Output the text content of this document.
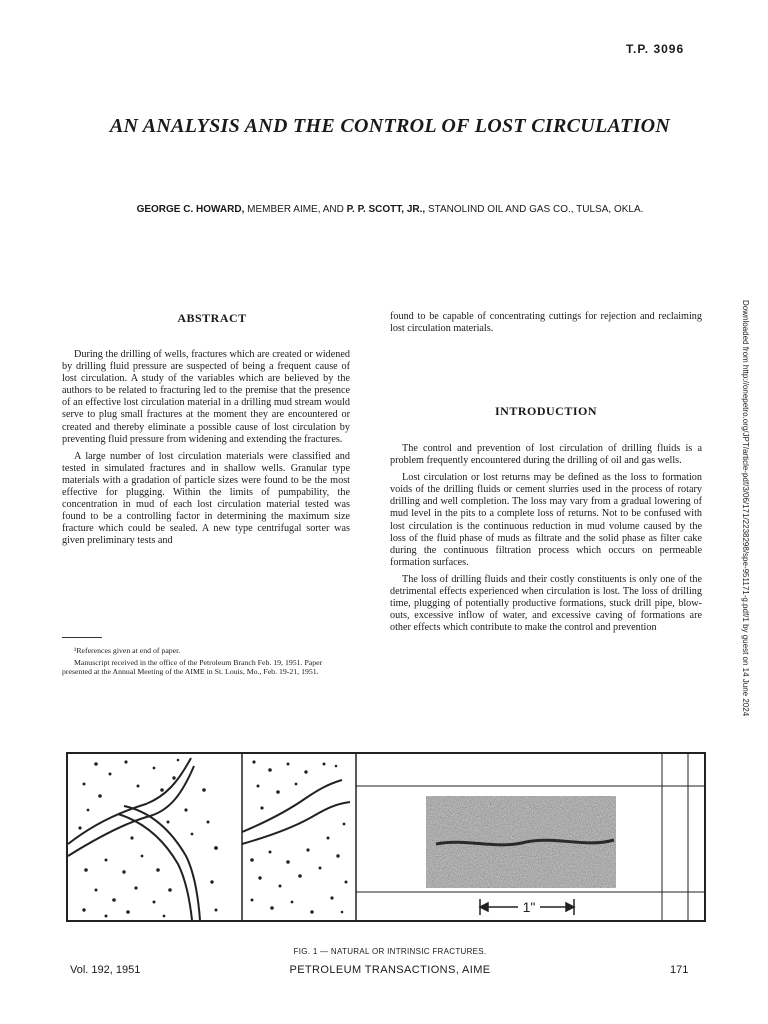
T.P. 3096
AN ANALYSIS AND THE CONTROL OF LOST CIRCULATION
GEORGE C. HOWARD, MEMBER AIME, AND P. P. SCOTT, JR., STANOLIND OIL AND GAS CO., TULSA, OKLA.
ABSTRACT

During the drilling of wells, fractures which are created or widened by drilling fluid pressure are suspected of being a frequent cause of lost circulation. A study of the variables which are believed by the authors to be related to fracturing led to the premise that the presence of an effective lost circulation material in a drilling mud stream would serve to plug small fractures at the moment they are encountered or created and thereby eliminate a possible cause of lost circulation by preventing fluid pressure from widening and extending the fractures.

A large number of lost circulation materials were classified and tested in simulated fractures and in shallow wells. Granular type materials with a gradation of particle sizes were found to be the most effective for plugging. Within the limits of pumpability, the concentration in mud of each lost circulation material tested was found to be a controlling factor in determining the maximum size fracture which could be sealed. A new type centrifugal sorter was given preliminary tests and

¹References given at end of paper.

Manuscript received in the office of the Petroleum Branch Feb. 19, 1951. Paper presented at the Annual Meeting of the AIME in St. Louis, Mo., Feb. 19-21, 1951.

found to be capable of concentrating cuttings for rejection and reclaiming lost circulation materials.

INTRODUCTION

The control and prevention of lost circulation of drilling fluids is a problem frequently encountered during the drilling of oil and gas wells.

Lost circulation or lost returns may be defined as the loss to formation voids of the drilling fluids or cement slurries used in the process of rotary drilling and well completion. The loss may vary from a gradual lowering of mud level in the pits to a complete loss of returns. Not to be confused with lost circulation is the continuous reduction in mud volume caused by the loss of the fluid phase of muds as filtrate and the solid phase as filter cake during the continuous filtration process which occurs on permeable formation surfaces.

The loss of drilling fluids and their costly constituents is only one of the detrimental effects experienced when circulation is lost. The loss of drilling time, plugging of potentially productive formations, stuck drill pipe, blow-outs, excessive inflow of water, and excessive caving of formations are other effects which contribute to make the control and prevention	Downloaded from http://onepetro.org/JPT/article-pdf/3/06/171/2238298/spe-951171-g.pdf/1 by guest on 14 June 2024
1"
FIG. 1 — NATURAL OR INTRINSIC FRACTURES.
Vol. 192, 1951	PETROLEUM TRANSACTIONS, AIME	171
